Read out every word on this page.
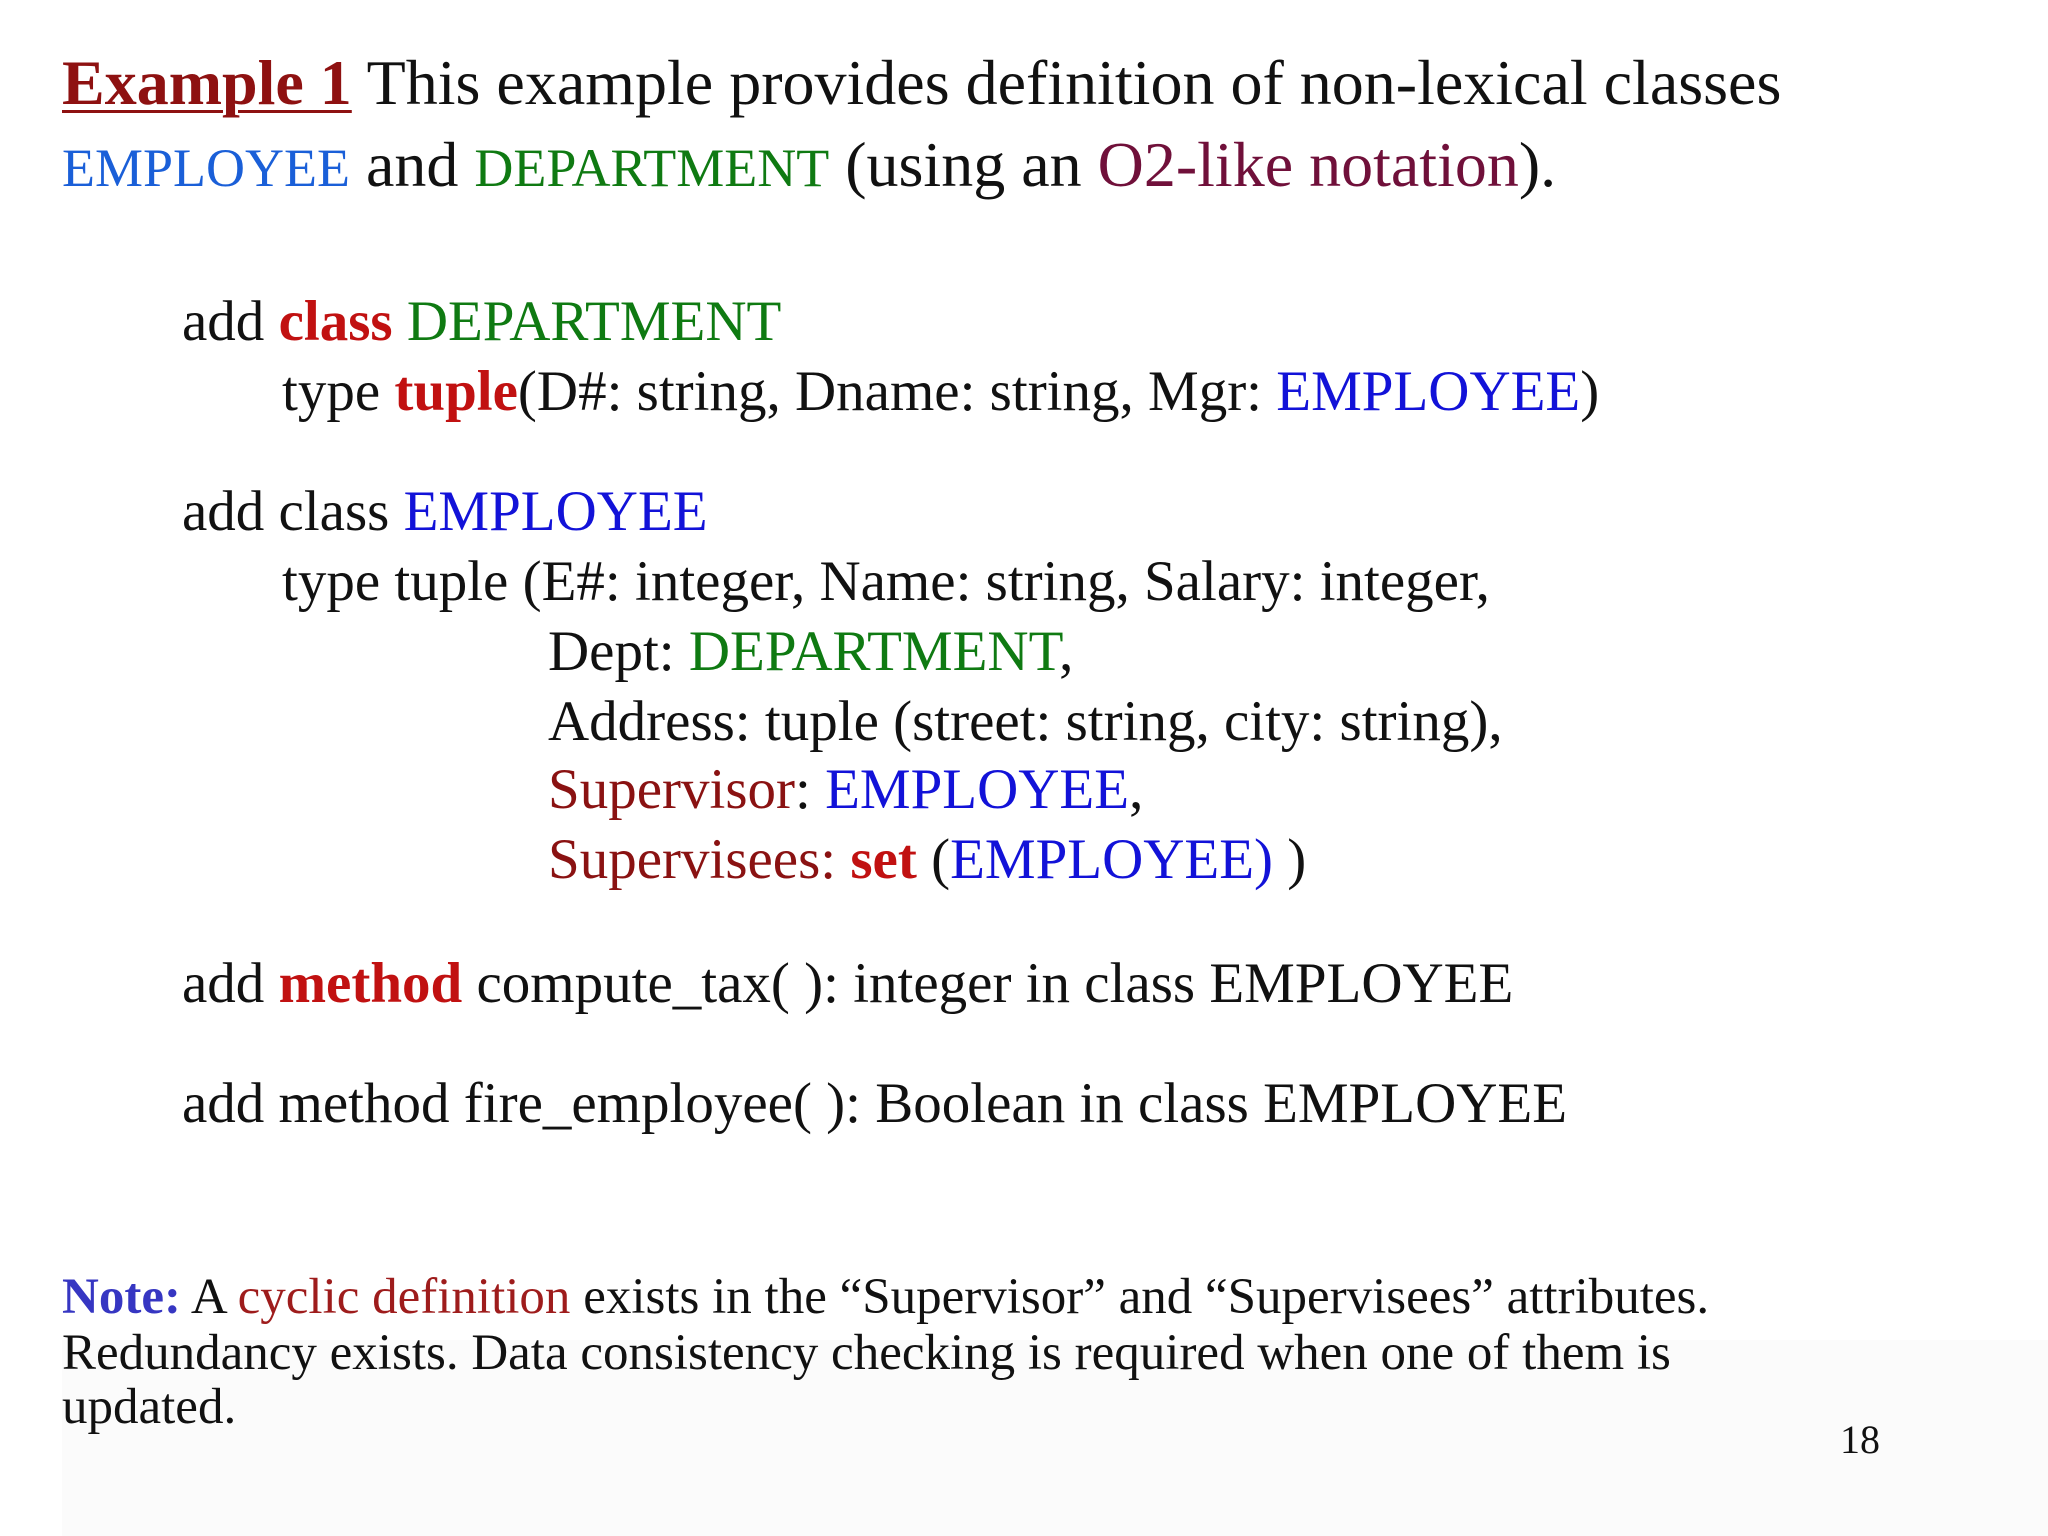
Example 1 This example provides definition of non-lexical classes
EMPLOYEE and DEPARTMENT (using an O2-like notation).
add class DEPARTMENT
type tuple(D#: string, Dname: string, Mgr: EMPLOYEE)
add class EMPLOYEE
type tuple (E#: integer, Name: string, Salary: integer,
Dept: DEPARTMENT,
Address: tuple (street: string, city: string),
Supervisor: EMPLOYEE,
Supervisees: set (EMPLOYEE) )
add method compute_tax( ): integer in class EMPLOYEE
add method fire_employee( ): Boolean in class EMPLOYEE
Note: A cyclic definition exists in the “Supervisor” and “Supervisees” attributes.
Redundancy exists. Data consistency checking is required when one of them is
updated.
18
